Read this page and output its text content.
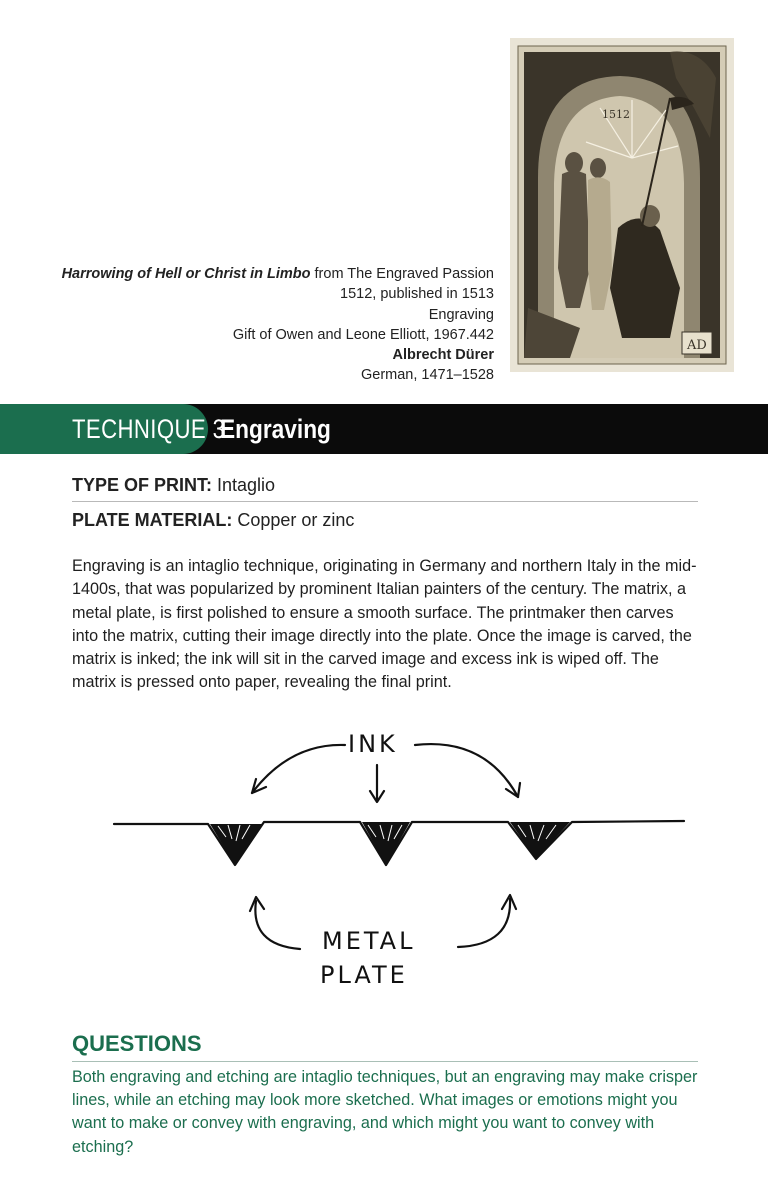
1512
AD
Harrowing of Hell or Christ in Limbo from The Engraved Passion
1512, published in 1513
Engraving
Gift of Owen and Leone Elliott, 1967.442
Albrecht Dürer
German, 1471–1528
TECHNIQUE 3
Engraving
TYPE OF PRINT: Intaglio
PLATE MATERIAL: Copper or zinc
Engraving is an intaglio technique, originating in Germany and northern Italy in the mid-1400s, that was popularized by prominent Italian painters of the century. The matrix, a metal plate, is first polished to ensure a smooth surface. The printmaker then carves into the matrix, cutting their image directly into the plate. Once the image is carved, the matrix is inked; the ink will sit in the carved image and excess ink is wiped off. The matrix is pressed onto paper, revealing the final print.
INK
METAL
PLATE
QUESTIONS
Both engraving and etching are intaglio techniques, but an engraving may make crisper lines, while an etching may look more sketched. What images or emotions might you want to make or convey with engraving, and which might you want to convey with etching?
